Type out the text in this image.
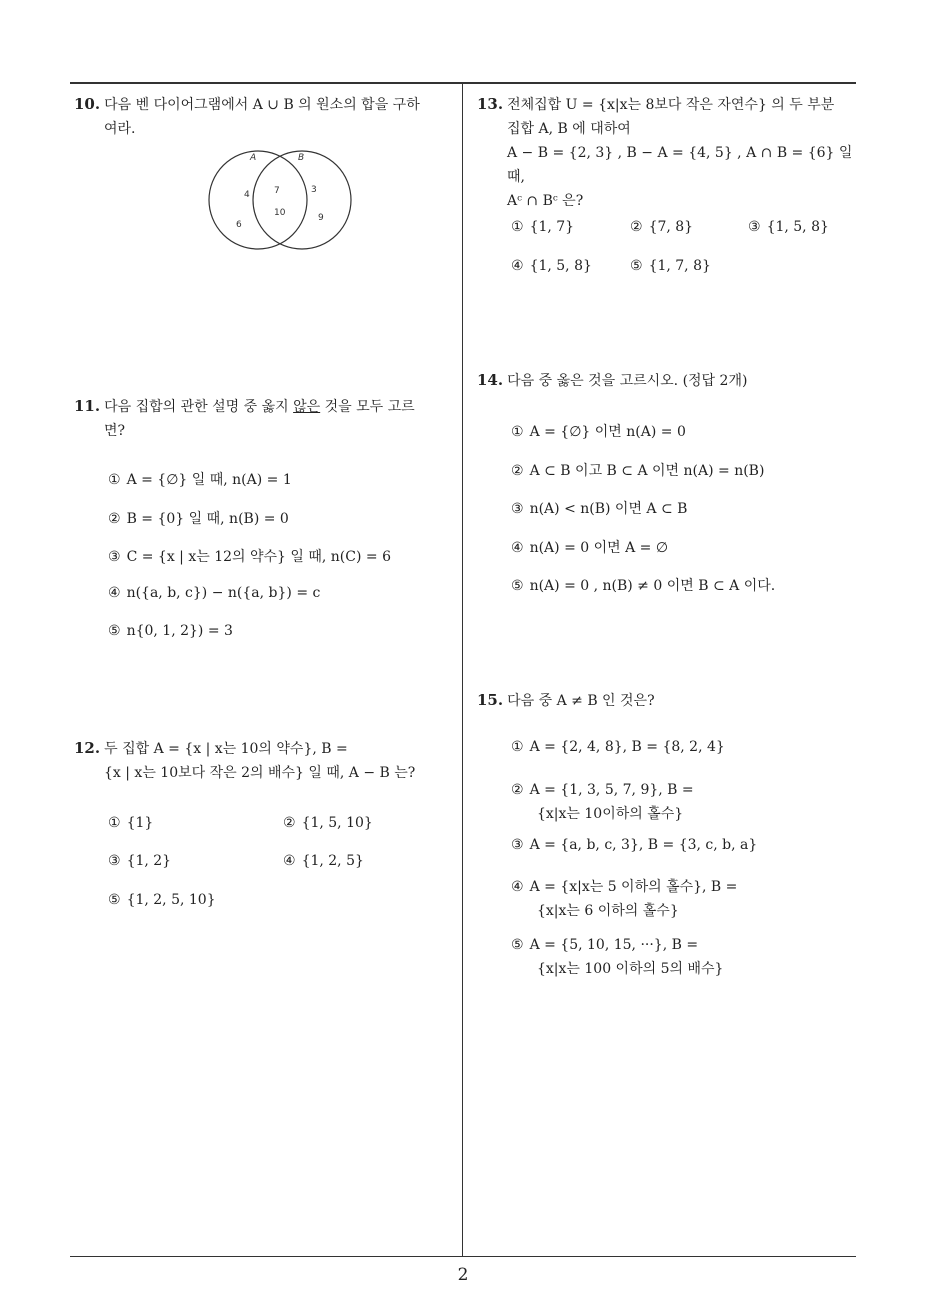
10. 다음 벤 다이어그램에서 A ∪ B 의 원소의 합을 구하
여라.
A	B
4
6
7
10
3
9
11. 다음 집합의 관한 설명 중 옳지 않은 것을 모두 고르
면?
① A = {∅} 일 때, n(A) = 1
② B = {0} 일 때, n(B) = 0
③ C = {x | x는 12의 약수} 일 때, n(C) = 6
④ n({a, b, c}) − n({a, b}) = c
⑤ n{0, 1, 2}) = 3
12. 두 집합 A = {x | x는 10의 약수}, B =
{x | x는 10보다 작은 2의 배수} 일 때, A − B 는?
① {1}	② {1, 5, 10}
③ {1, 2}	④ {1, 2, 5}
⑤ {1, 2, 5, 10}
13. 전체집합 U = {x|x는 8보다 작은 자연수} 의 두 부분
집합 A, B 에 대하여
A − B = {2, 3} , B − A = {4, 5} , A ∩ B = {6} 일 때,
Aᶜ ∩ Bᶜ 은?
① {1, 7}	② {7, 8}	③ {1, 5, 8}
④ {1, 5, 8}	⑤ {1, 7, 8}
14. 다음 중 옳은 것을 고르시오. (정답 2개)
① A = {∅} 이면 n(A) = 0
② A ⊂ B 이고 B ⊂ A 이면 n(A) = n(B)
③ n(A) < n(B) 이면 A ⊂ B
④ n(A) = 0 이면 A = ∅
⑤ n(A) = 0 , n(B) ≠ 0 이면 B ⊂ A 이다.
15. 다음 중 A ≠ B 인 것은?
① A = {2, 4, 8}, B = {8, 2, 4}
② A = {1, 3, 5, 7, 9}, B =
{x|x는 10이하의 홀수}
③ A = {a, b, c, 3}, B = {3, c, b, a}
④ A = {x|x는 5 이하의 홀수}, B =
{x|x는 6 이하의 홀수}
⑤ A = {5, 10, 15, ···}, B =
{x|x는 100 이하의 5의 배수}
2
